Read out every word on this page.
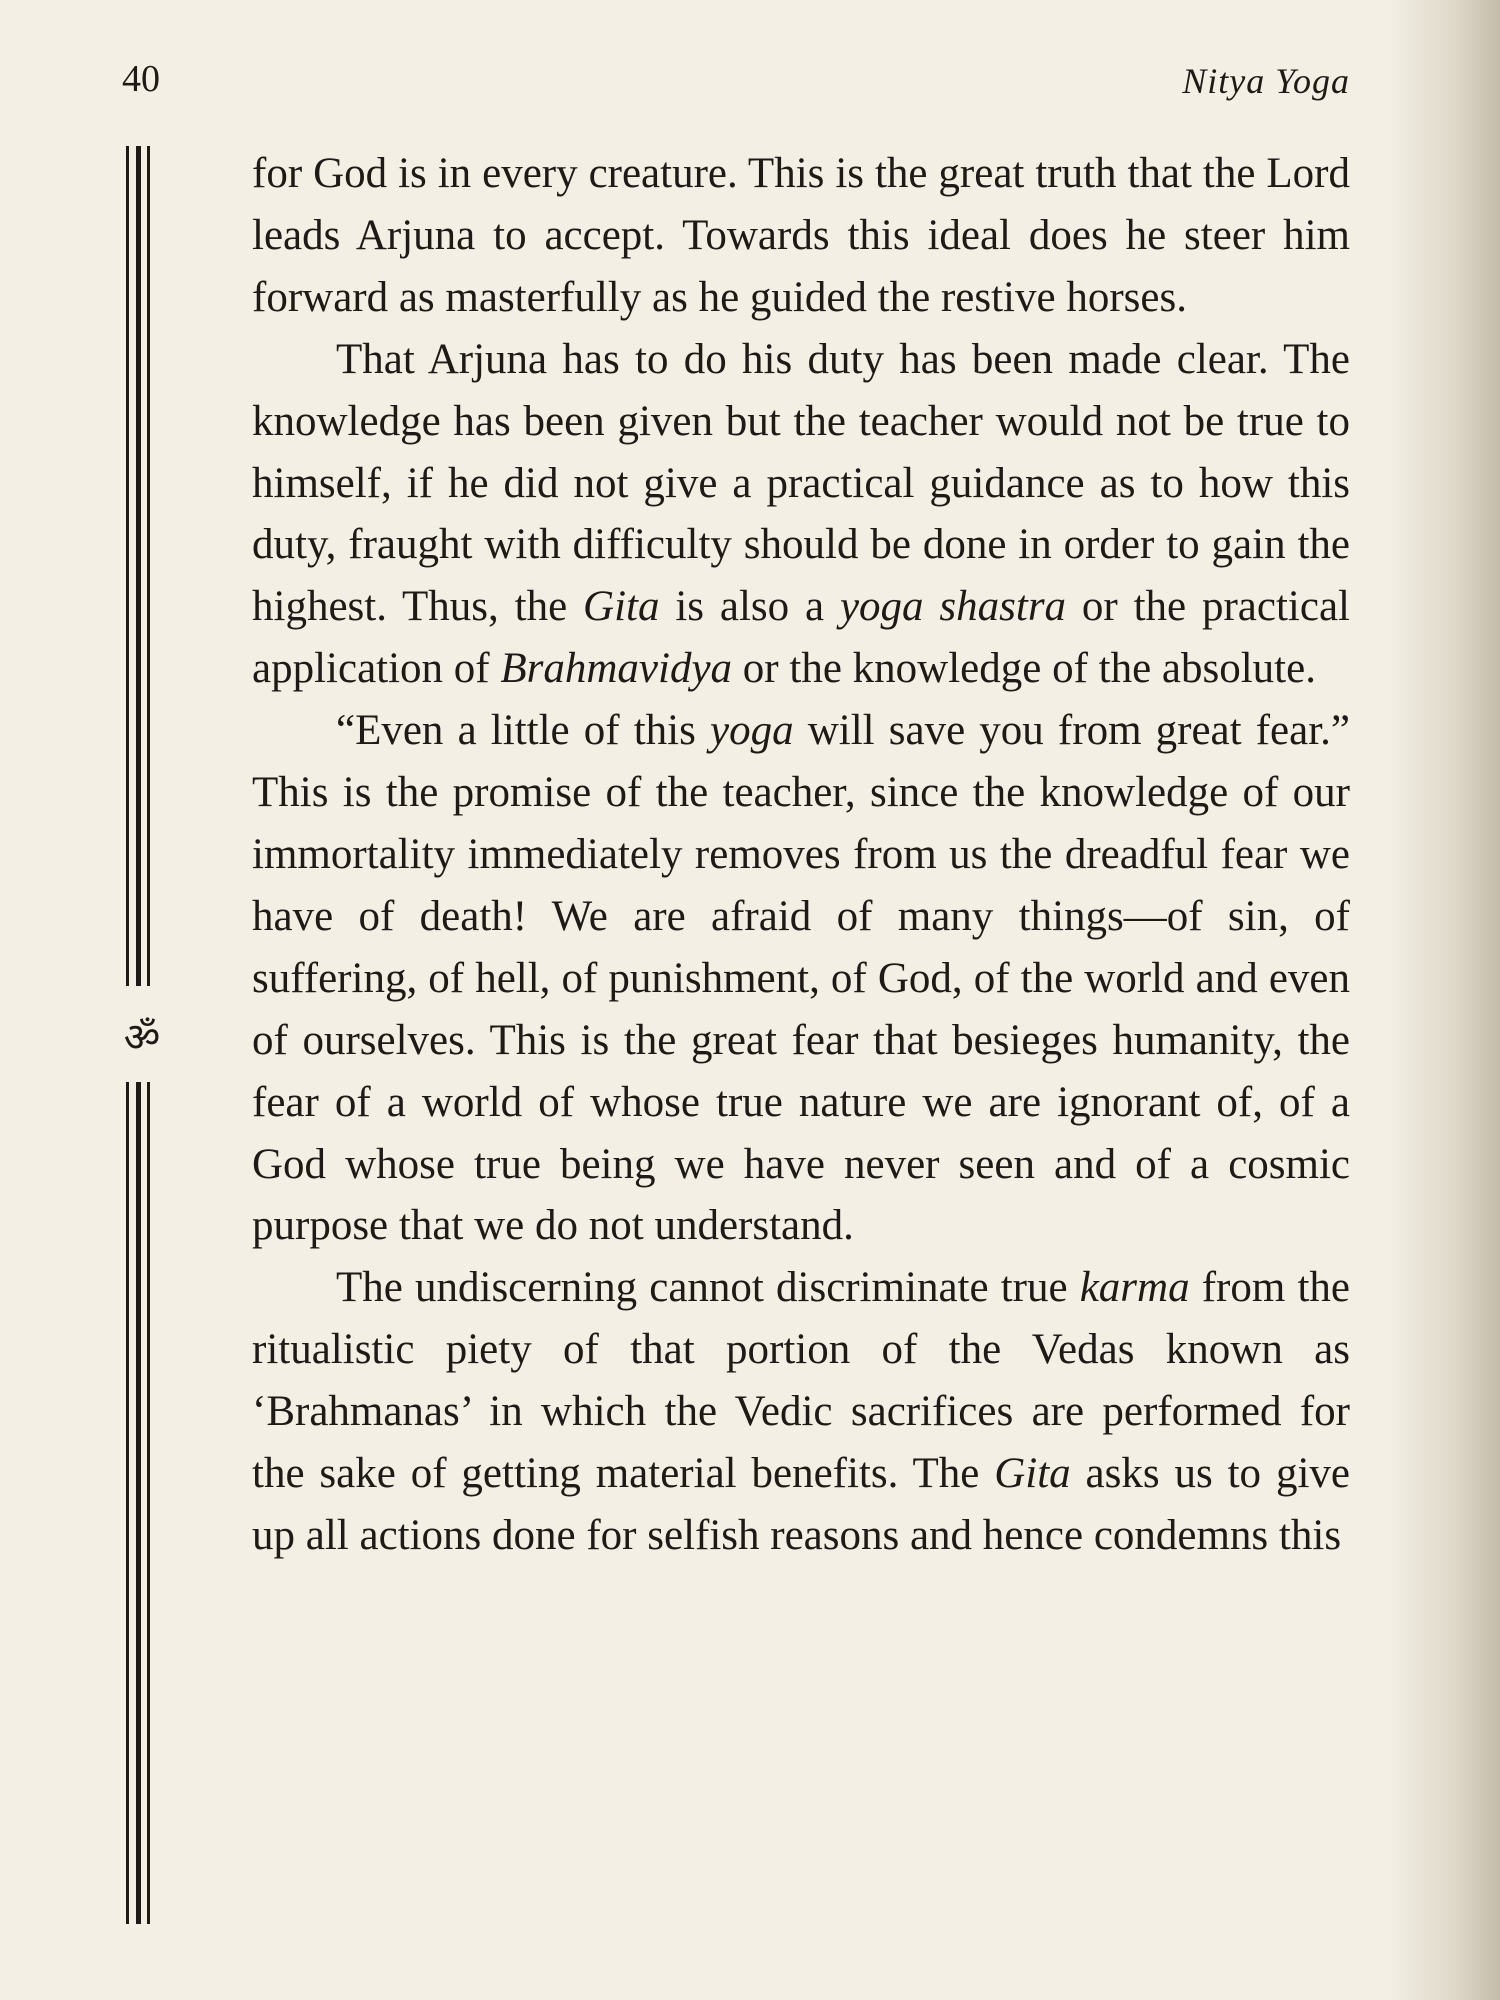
40	Nitya Yoga
ॐ

for God is in every creature. This is the great truth that the Lord leads Arjuna to accept. Towards this ideal does he steer him forward as masterfully as he guided the restive horses.

That Arjuna has to do his duty has been made clear. The knowledge has been given but the teacher would not be true to himself, if he did not give a practical guidance as to how this duty, fraught with difficulty should be done in order to gain the highest. Thus, the Gita is also a yoga shastra or the practical application of Brahmavidya or the knowledge of the absolute.

“Even a little of this yoga will save you from great fear.” This is the promise of the teacher, since the knowledge of our immortality immediately removes from us the dreadful fear we have of death! We are afraid of many things—of sin, of suffering, of hell, of punishment, of God, of the world and even of ourselves. This is the great fear that besieges humanity, the fear of a world of whose true nature we are ignorant of, of a God whose true being we have never seen and of a cosmic purpose that we do not understand.

The undiscerning cannot discriminate true karma from the ritualistic piety of that portion of the Vedas known as ‘Brahmanas’ in which the Vedic sacrifices are performed for the sake of getting material benefits. The Gita asks us to give up all actions done for selfish reasons and hence condemns this
